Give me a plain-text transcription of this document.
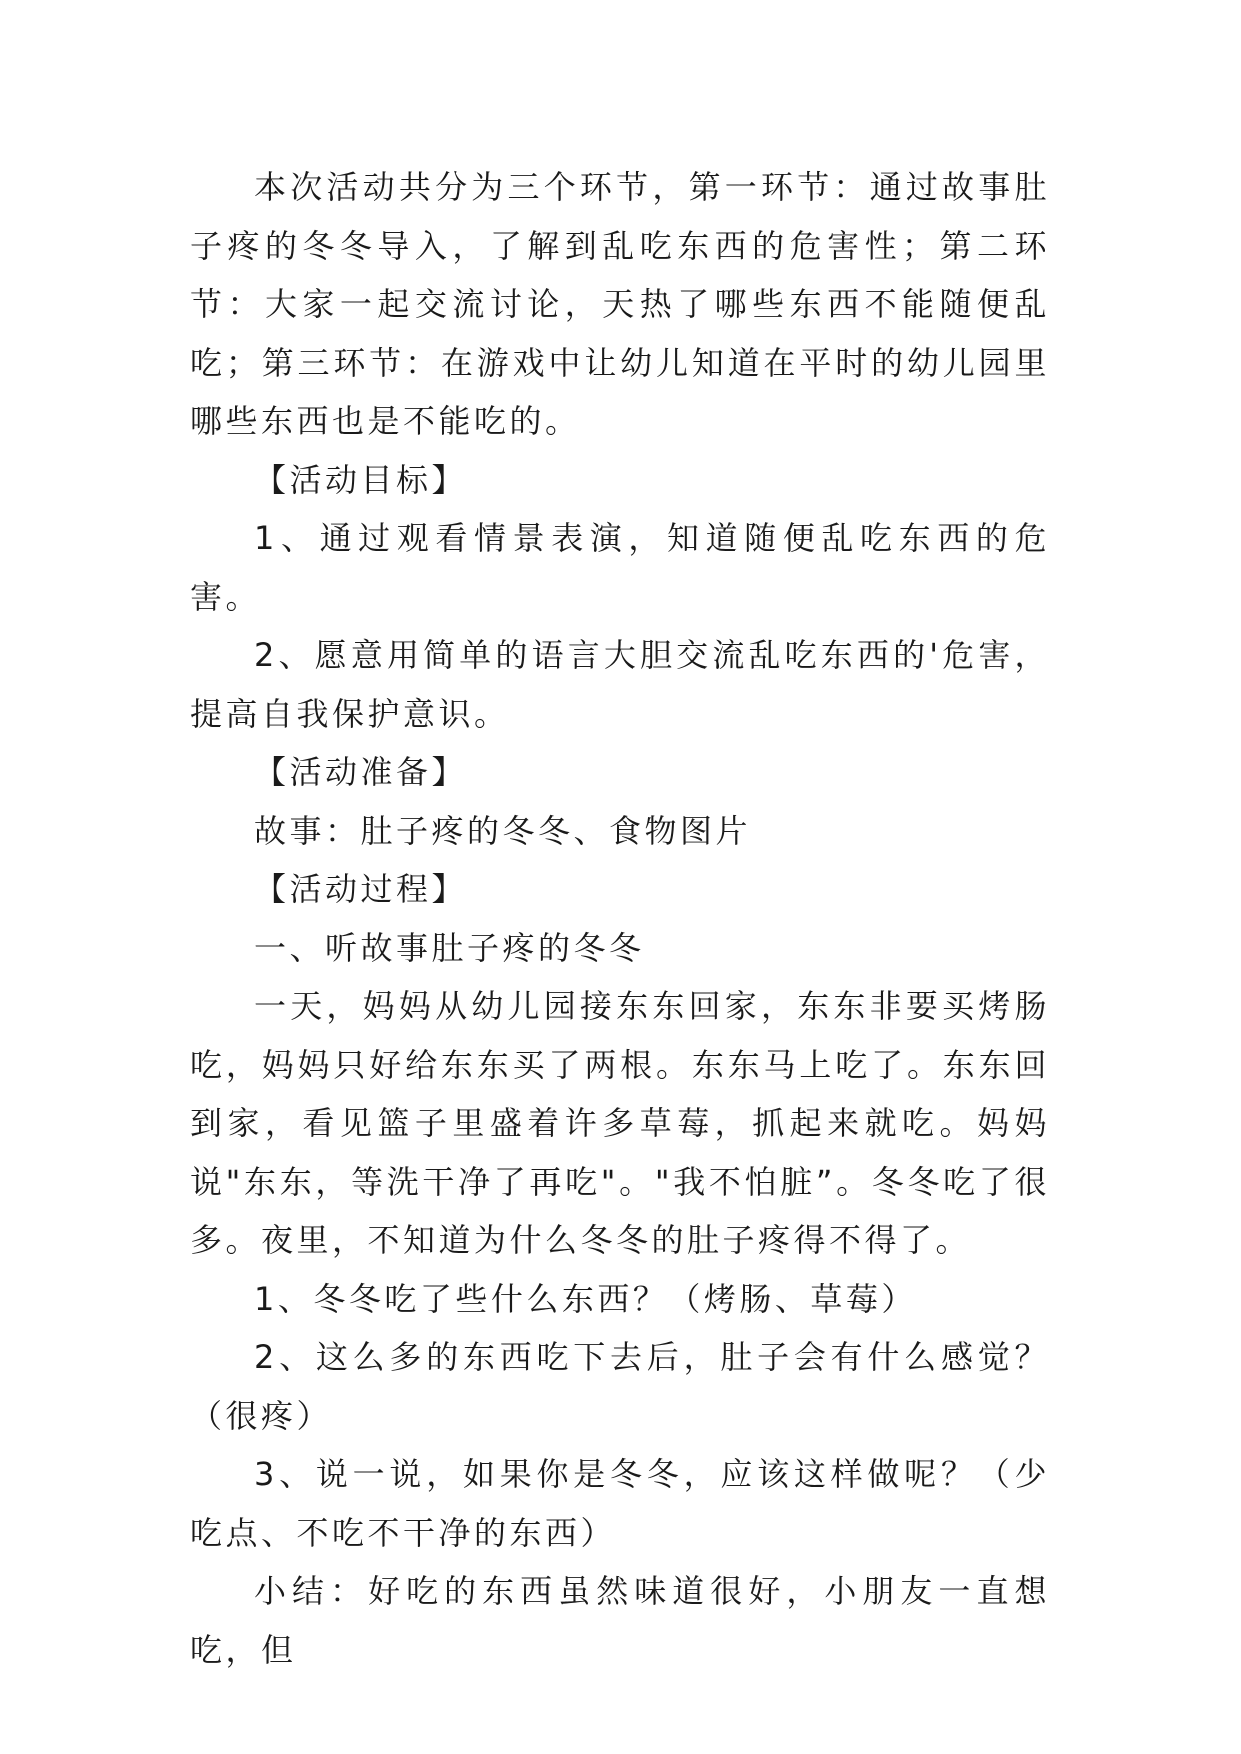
本次活动共分为三个环节，第一环节：通过故事肚子疼的冬冬导入，了解到乱吃东西的危害性；第二环节：大家一起交流讨论，天热了哪些东西不能随便乱吃；第三环节：在游戏中让幼儿知道在平时的幼儿园里哪些东西也是不能吃的。

【活动目标】

1、通过观看情景表演，知道随便乱吃东西的危害。

2、愿意用简单的语言大胆交流乱吃东西的'危害，提高自我保护意识。

【活动准备】

故事：肚子疼的冬冬、食物图片

【活动过程】

一、听故事肚子疼的冬冬

一天，妈妈从幼儿园接东东回家，东东非要买烤肠吃，妈妈只好给东东买了两根。东东马上吃了。东东回到家，看见篮子里盛着许多草莓，抓起来就吃。妈妈说"东东，等洗干净了再吃"。"我不怕脏”。冬冬吃了很多。夜里，不知道为什么冬冬的肚子疼得不得了。

1、冬冬吃了些什么东西？（烤肠、草莓）

2、这么多的东西吃下去后，肚子会有什么感觉？（很疼）

3、说一说，如果你是冬冬，应该这样做呢？（少吃点、不吃不干净的东西）

小结：好吃的东西虽然味道很好，小朋友一直想吃，但
